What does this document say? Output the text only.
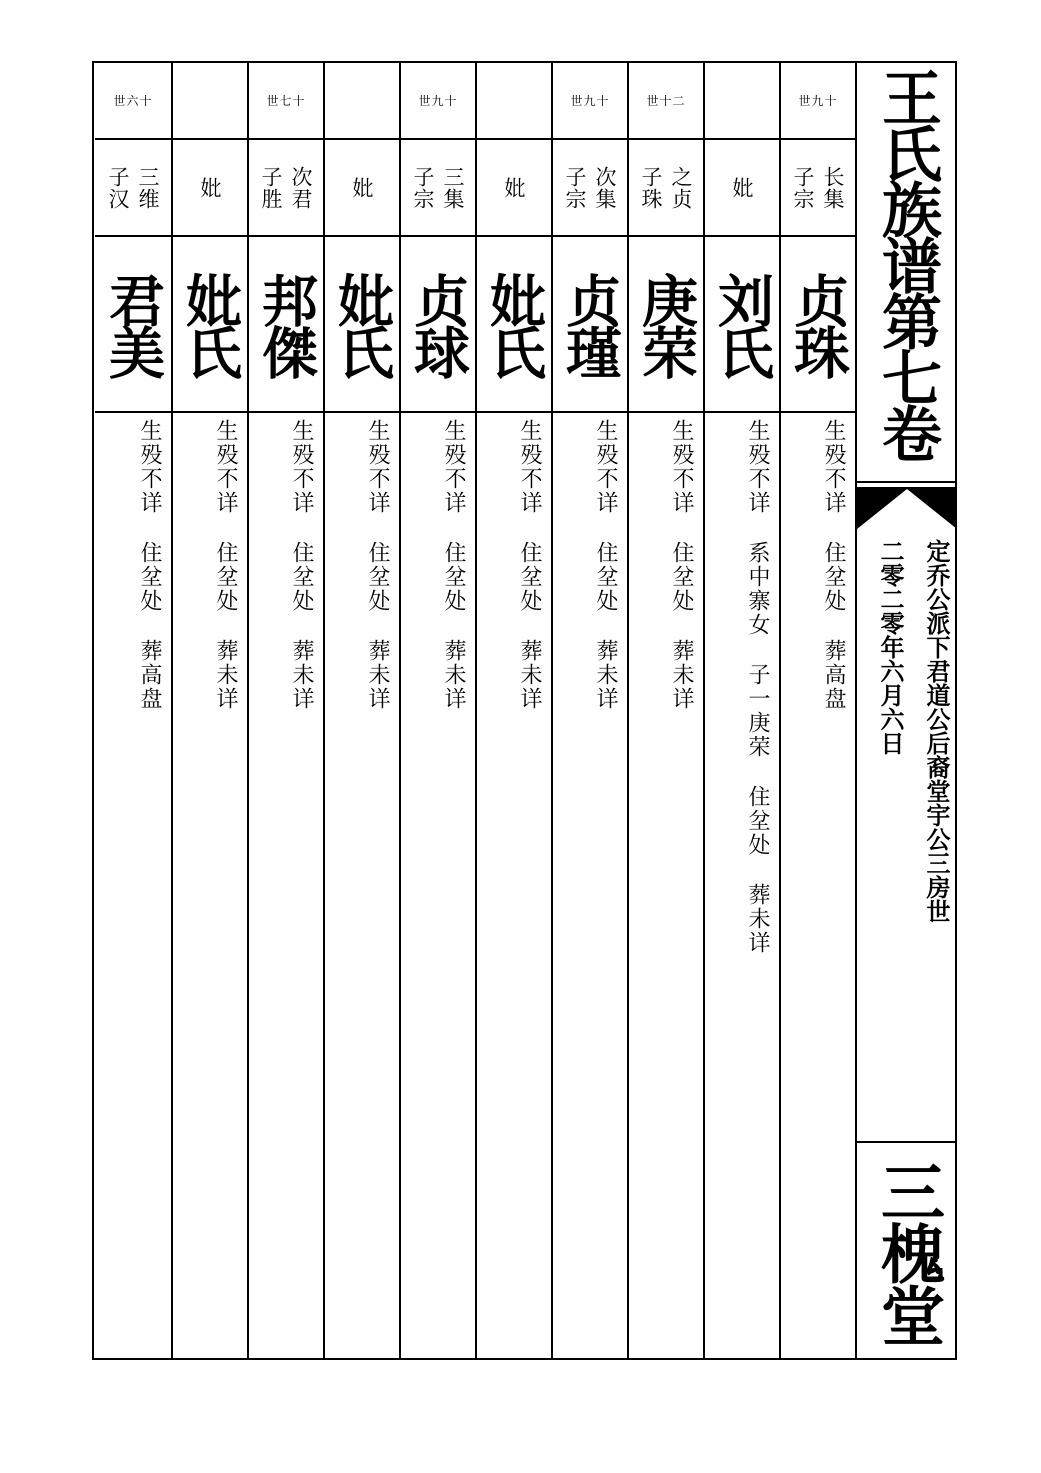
世九十
长集
子宗
贞珠
生殁不详住坌处葬高盘
妣
刘氏
生殁不详系中寨女子一庚荣住坌处葬未详
世十二
之贞
子珠
庚荣
生殁不详住坌处葬未详
世九十
次集
子宗
贞瑾
生殁不详住坌处葬未详
妣
妣氏
生殁不详住坌处葬未详
世九十
三集
子宗
贞球
生殁不详住坌处葬未详
妣
妣氏
生殁不详住坌处葬未详
世七十
次君
子胜
邦傑
生殁不详住坌处葬未详
妣
妣氏
生殁不详住坌处葬未详
世六十
三维
子汉
君美
生殁不详住坌处葬高盘
王氏族谱第七卷
定乔公派下君道公后裔堂宇公三房世
二零二零年六月六日
三槐堂
